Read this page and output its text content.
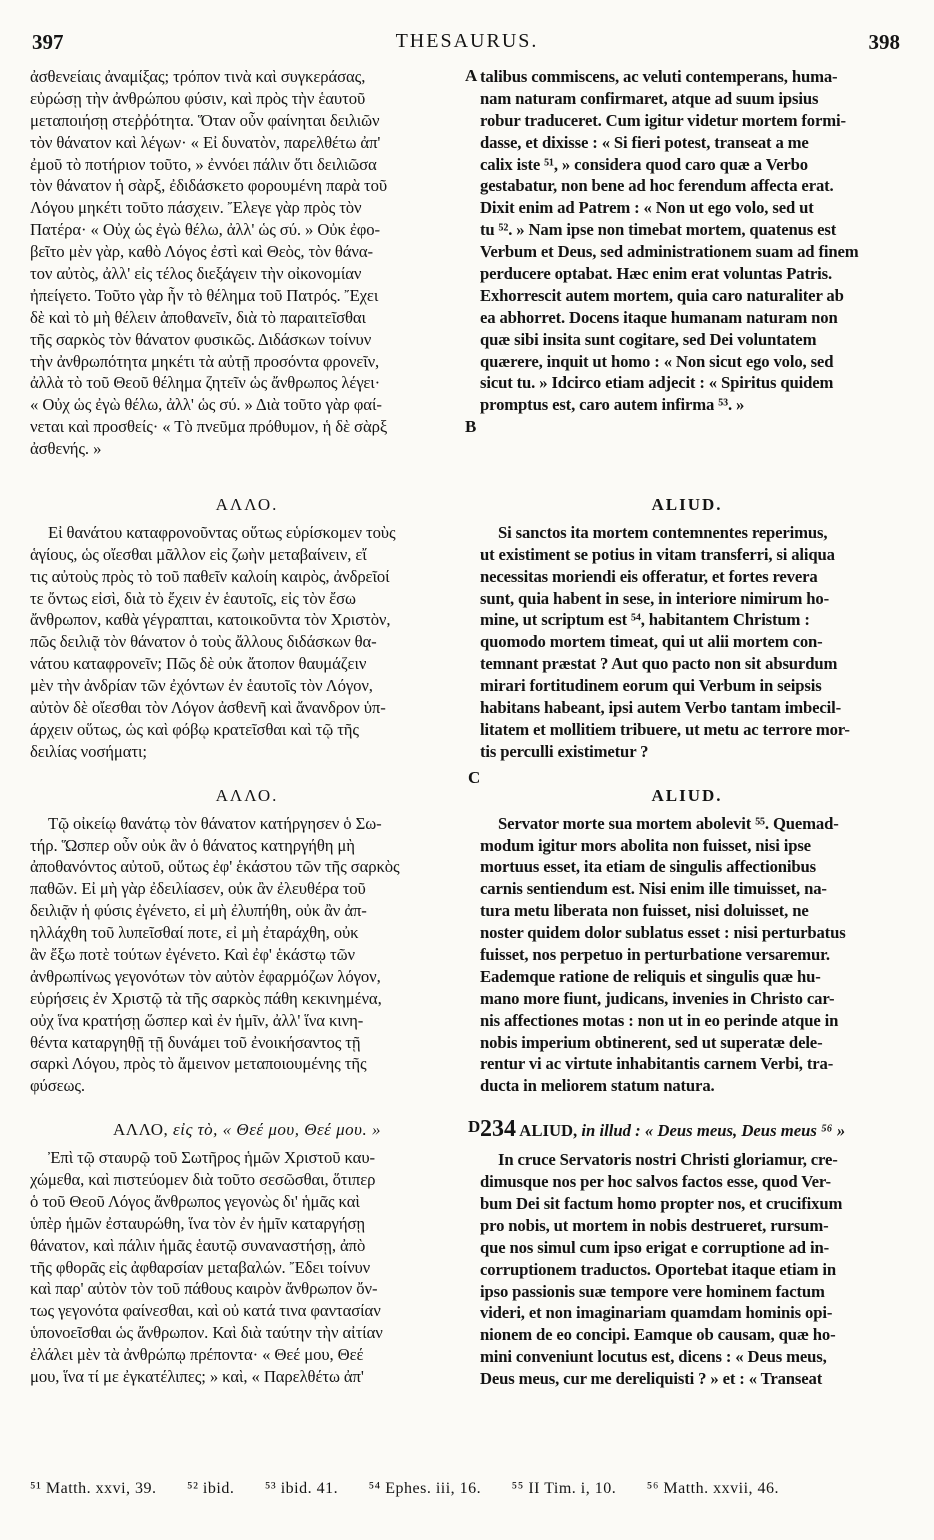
397	THESAURUS.	398
A
B
C
D
ἀσθενείαις ἀναμίξας; τρόπον τινὰ καὶ συγκεράσας,
εὐρώσῃ τὴν ἀνθρώπου φύσιν, καὶ πρὸς τὴν ἑαυτοῦ
μεταποιήσῃ στεῤῥότητα. Ὅταν οὖν φαίνηται δειλιῶν
τὸν θάνατον καὶ λέγων· « Εἰ δυνατὸν, παρελθέτω ἀπ'
ἐμοῦ τὸ ποτήριον τοῦτο, » ἐννόει πάλιν ὅτι δειλιῶσα
τὸν θάνατον ἡ σὰρξ, ἐδιδάσκετο φορουμένη παρὰ τοῦ
Λόγου μηκέτι τοῦτο πάσχειν. Ἔλεγε γὰρ πρὸς τὸν
Πατέρα· « Οὐχ ὡς ἐγὼ θέλω, ἀλλ' ὡς σύ. » Οὐκ ἐφο-
βεῖτο μὲν γὰρ, καθὸ Λόγος ἐστὶ καὶ Θεὸς, τὸν θάνα-
τον αὐτὸς, ἀλλ' εἰς τέλος διεξάγειν τὴν οἰκονομίαν
ἠπείγετο. Τοῦτο γὰρ ἦν τὸ θέλημα τοῦ Πατρός. Ἔχει
δὲ καὶ τὸ μὴ θέλειν ἀποθανεῖν, διὰ τὸ παραιτεῖσθαι
τῆς σαρκὸς τὸν θάνατον φυσικῶς. Διδάσκων τοίνυν
τὴν ἀνθρωπότητα μηκέτι τὰ αὐτῇ προσόντα φρονεῖν,
ἀλλὰ τὸ τοῦ Θεοῦ θέλημα ζητεῖν ὡς ἄνθρωπος λέγει·
« Οὐχ ὡς ἐγὼ θέλω, ἀλλ' ὡς σύ. » Διὰ τοῦτο γὰρ φαί-
νεται καὶ προσθείς· « Τὸ πνεῦμα πρόθυμον, ἡ δὲ σὰρξ
ἀσθενής. »
ΑΛΛΟ.
Εἰ θανάτου καταφρονοῦντας οὕτως εὑρίσκομεν τοὺς
ἁγίους, ὡς οἴεσθαι μᾶλλον εἰς ζωὴν μεταβαίνειν, εἴ
τις αὐτοὺς πρὸς τὸ τοῦ παθεῖν καλοίη καιρὸς, ἀνδρεῖοί
τε ὄντως εἰσὶ, διὰ τὸ ἔχειν ἐν ἑαυτοῖς, εἰς τὸν ἔσω
ἄνθρωπον, καθὰ γέγραπται, κατοικοῦντα τὸν Χριστὸν,
πῶς δειλιᾷ τὸν θάνατον ὁ τοὺς ἄλλους διδάσκων θα-
νάτου καταφρονεῖν; Πῶς δὲ οὐκ ἄτοπον θαυμάζειν
μὲν τὴν ἀνδρίαν τῶν ἐχόντων ἐν ἑαυτοῖς τὸν Λόγον,
αὐτὸν δὲ οἴεσθαι τὸν Λόγον ἀσθενῆ καὶ ἄνανδρον ὑπ-
άρχειν οὕτως, ὡς καὶ φόβῳ κρατεῖσθαι καὶ τῷ τῆς
δειλίας νοσήματι;
ΑΛΛΟ.
Τῷ οἰκείῳ θανάτῳ τὸν θάνατον κατήργησεν ὁ Σω-
τήρ. Ὥσπερ οὖν οὐκ ἂν ὁ θάνατος κατηργήθη μὴ
ἀποθανόντος αὐτοῦ, οὕτως ἐφ' ἑκάστου τῶν τῆς σαρκὸς
παθῶν. Εἰ μὴ γὰρ ἐδειλίασεν, οὐκ ἂν ἐλευθέρα τοῦ
δειλιᾷν ἡ φύσις ἐγένετο, εἰ μὴ ἐλυπήθη, οὐκ ἂν ἀπ-
ηλλάχθη τοῦ λυπεῖσθαί ποτε, εἰ μὴ ἐταράχθη, οὐκ
ἂν ἔξω ποτὲ τούτων ἐγένετο. Καὶ ἐφ' ἑκάστῳ τῶν
ἀνθρωπίνως γεγονότων τὸν αὐτὸν ἐφαρμόζων λόγον,
εὑρήσεις ἐν Χριστῷ τὰ τῆς σαρκὸς πάθη κεκινημένα,
οὐχ ἵνα κρατήσῃ ὥσπερ καὶ ἐν ἡμῖν, ἀλλ' ἵνα κινη-
θέντα καταργηθῇ τῇ δυνάμει τοῦ ἐνοικήσαντος τῇ
σαρκὶ Λόγου, πρὸς τὸ ἄμεινον μεταποιουμένης τῆς
φύσεως.
ΑΛΛΟ, εἰς τὸ, « Θεέ μου, Θεέ μου. »
Ἐπὶ τῷ σταυρῷ τοῦ Σωτῆρος ἡμῶν Χριστοῦ καυ-
χώμεθα, καὶ πιστεύομεν διὰ τοῦτο σεσῶσθαι, ὅτιπερ
ὁ τοῦ Θεοῦ Λόγος ἄνθρωπος γεγονὼς δι' ἡμᾶς καὶ
ὑπὲρ ἡμῶν ἐσταυρώθη, ἵνα τὸν ἐν ἡμῖν καταργήσῃ
θάνατον, καὶ πάλιν ἡμᾶς ἑαυτῷ συναναστήσῃ, ἀπὸ
τῆς φθορᾶς εἰς ἀφθαρσίαν μεταβαλών. Ἔδει τοίνυν
καὶ παρ' αὐτὸν τὸν τοῦ πάθους καιρὸν ἄνθρωπον ὄν-
τως γεγονότα φαίνεσθαι, καὶ οὐ κατά τινα φαντασίαν
ὑπονοεῖσθαι ὡς ἄνθρωπον. Καὶ διὰ ταύτην τὴν αἰτίαν
ἐλάλει μὲν τὰ ἀνθρώπῳ πρέποντα· « Θεέ μου, Θεέ
μου, ἵνα τί με ἐγκατέλιπες; » καὶ, « Παρελθέτω ἀπ'
talibus commiscens, ac veluti contemperans, huma-
nam naturam confirmaret, atque ad suum ipsius
robur traduceret. Cum igitur videtur mortem formi-
dasse, et dixisse : « Si fieri potest, transeat a me
calix iste ⁵¹, » considera quod caro quæ a Verbo
gestabatur, non bene ad hoc ferendum affecta erat.
Dixit enim ad Patrem : « Non ut ego volo, sed ut
tu ⁵². » Nam ipse non timebat mortem, quatenus est
Verbum et Deus, sed administrationem suam ad finem
perducere optabat. Hæc enim erat voluntas Patris.
Exhorrescit autem mortem, quia caro naturaliter ab
ea abhorret. Docens itaque humanam naturam non
quæ sibi insita sunt cogitare, sed Dei voluntatem
quærere, inquit ut homo : « Non sicut ego volo, sed
sicut tu. » Idcirco etiam adjecit : « Spiritus quidem
promptus est, caro autem infirma ⁵³. »
ALIUD.
Si sanctos ita mortem contemnentes reperimus,
ut existiment se potius in vitam transferri, si aliqua
necessitas moriendi eis offeratur, et fortes revera
sunt, quia habent in sese, in interiore nimirum ho-
mine, ut scriptum est ⁵⁴, habitantem Christum :
quomodo mortem timeat, qui ut alii mortem con-
temnant præstat ? Aut quo pacto non sit absurdum
mirari fortitudinem eorum qui Verbum in seipsis
habitans habeant, ipsi autem Verbo tantam imbecil-
litatem et mollitiem tribuere, ut metu ac terrore mor-
tis perculli existimetur ?
ALIUD.
Servator morte sua mortem abolevit ⁵⁵. Quemad-
modum igitur mors abolita non fuisset, nisi ipse
mortuus esset, ita etiam de singulis affectionibus
carnis sentiendum est. Nisi enim ille timuisset, na-
tura metu liberata non fuisset, nisi doluisset, ne
noster quidem dolor sublatus esset : nisi perturbatus
fuisset, nos perpetuo in perturbatione versaremur.
Eademque ratione de reliquis et singulis quæ hu-
mano more fiunt, judicans, invenies in Christo car-
nis affectiones motas : non ut in eo perinde atque in
nobis imperium obtinerent, sed ut superatæ dele-
rentur vi ac virtute inhabitantis carnem Verbi, tra-
ducta in meliorem statum natura.
234 ALIUD, in illud : « Deus meus, Deus meus ⁵⁶ »
In cruce Servatoris nostri Christi gloriamur, cre-
dimusque nos per hoc salvos factos esse, quod Ver-
bum Dei sit factum homo propter nos, et crucifixum
pro nobis, ut mortem in nobis destrueret, rursum-
que nos simul cum ipso erigat e corruptione ad in-
corruptionem traductos. Oportebat itaque etiam in
ipso passionis suæ tempore vere hominem factum
videri, et non imaginariam quamdam hominis opi-
nionem de eo concipi. Eamque ob causam, quæ ho-
mini conveniunt locutus est, dicens : « Deus meus,
Deus meus, cur me dereliquisti ? » et : « Transeat
⁵¹ Matth. xxvi, 39. ⁵² ibid. ⁵³ ibid. 41. ⁵⁴ Ephes. iii, 16. ⁵⁵ II Tim. i, 10. ⁵⁶ Matth. xxvii, 46.
